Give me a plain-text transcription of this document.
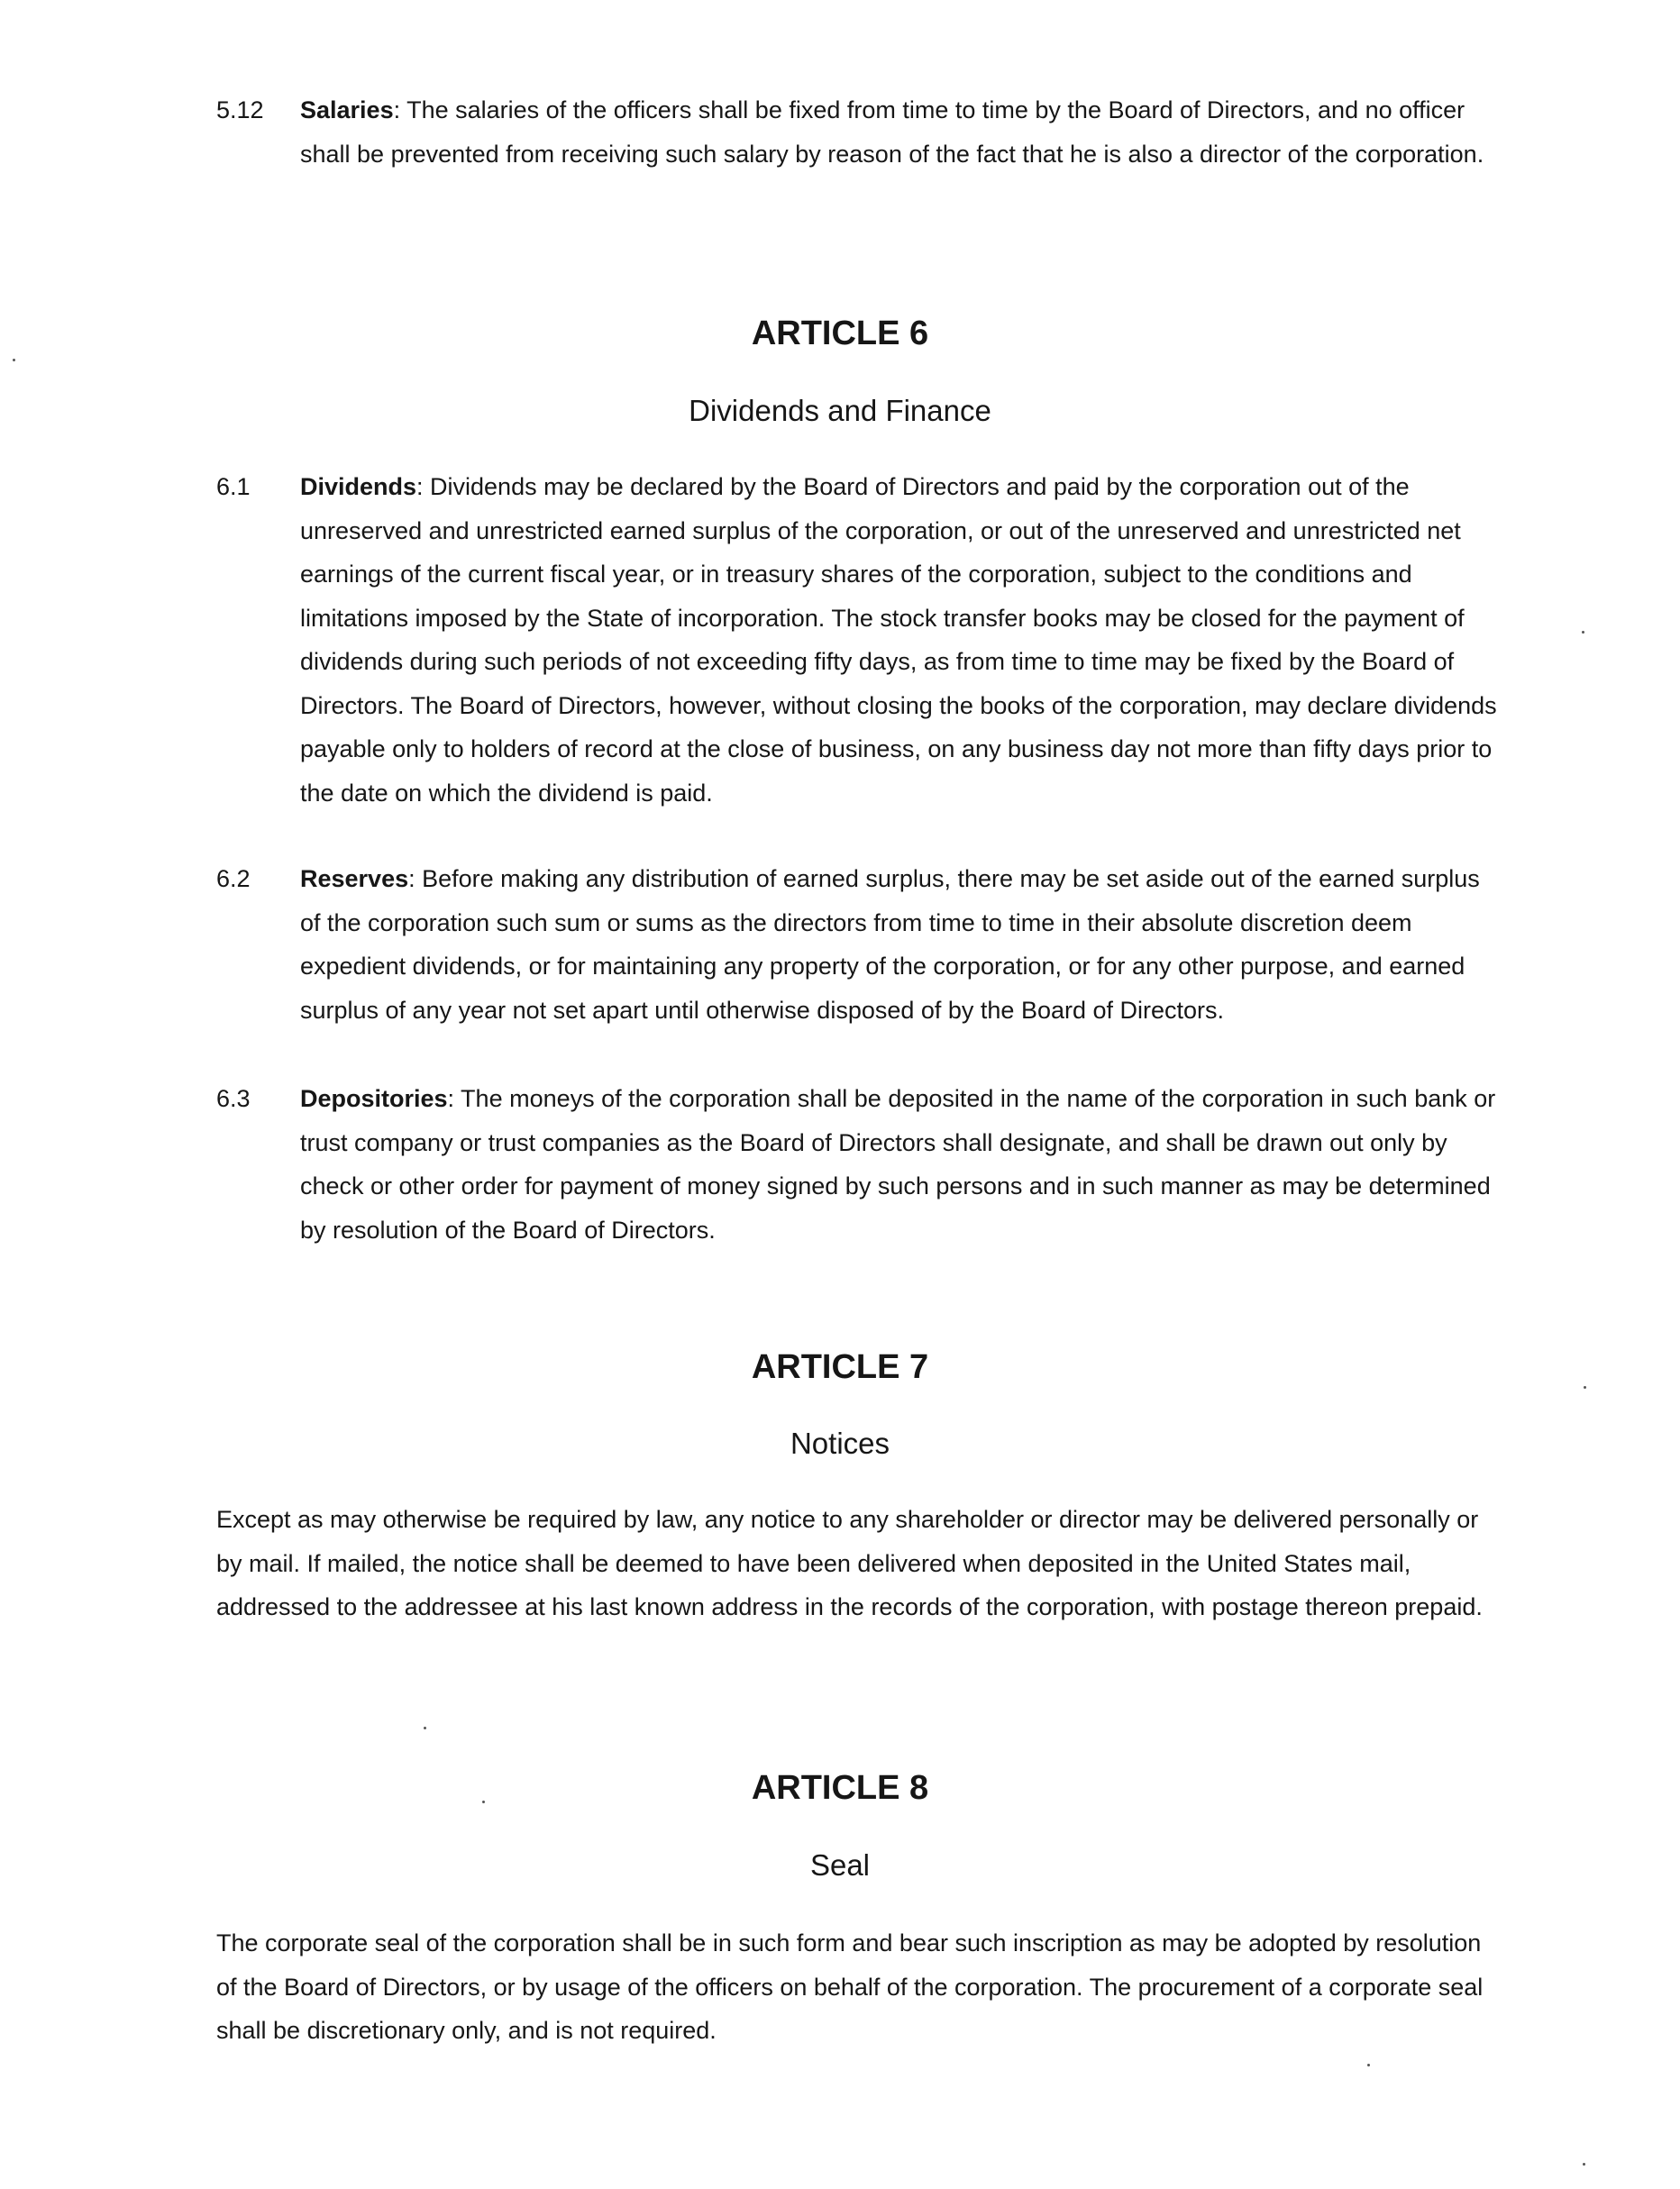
5.12 Salaries: The salaries of the officers shall be fixed from time to time by the Board of Directors, and no officer shall be prevented from receiving such salary by reason of the fact that he is also a director of the corporation.
ARTICLE 6
Dividends and Finance
6.1 Dividends: Dividends may be declared by the Board of Directors and paid by the corporation out of the unreserved and unrestricted earned surplus of the corporation, or out of the unreserved and unrestricted net earnings of the current fiscal year, or in treasury shares of the corporation, subject to the conditions and limitations imposed by the State of incorporation. The stock transfer books may be closed for the payment of dividends during such periods of not exceeding fifty days, as from time to time may be fixed by the Board of Directors. The Board of Directors, however, without closing the books of the corporation, may declare dividends payable only to holders of record at the close of business, on any business day not more than fifty days prior to the date on which the dividend is paid.
6.2 Reserves: Before making any distribution of earned surplus, there may be set aside out of the earned surplus of the corporation such sum or sums as the directors from time to time in their absolute discretion deem expedient dividends, or for maintaining any property of the corporation, or for any other purpose, and earned surplus of any year not set apart until otherwise disposed of by the Board of Directors.
6.3 Depositories: The moneys of the corporation shall be deposited in the name of the corporation in such bank or trust company or trust companies as the Board of Directors shall designate, and shall be drawn out only by check or other order for payment of money signed by such persons and in such manner as may be determined by resolution of the Board of Directors.
ARTICLE 7
Notices
Except as may otherwise be required by law, any notice to any shareholder or director may be delivered personally or by mail. If mailed, the notice shall be deemed to have been delivered when deposited in the United States mail, addressed to the addressee at his last known address in the records of the corporation, with postage thereon prepaid.
ARTICLE 8
Seal
The corporate seal of the corporation shall be in such form and bear such inscription as may be adopted by resolution of the Board of Directors, or by usage of the officers on behalf of the corporation. The procurement of a corporate seal shall be discretionary only, and is not required.
